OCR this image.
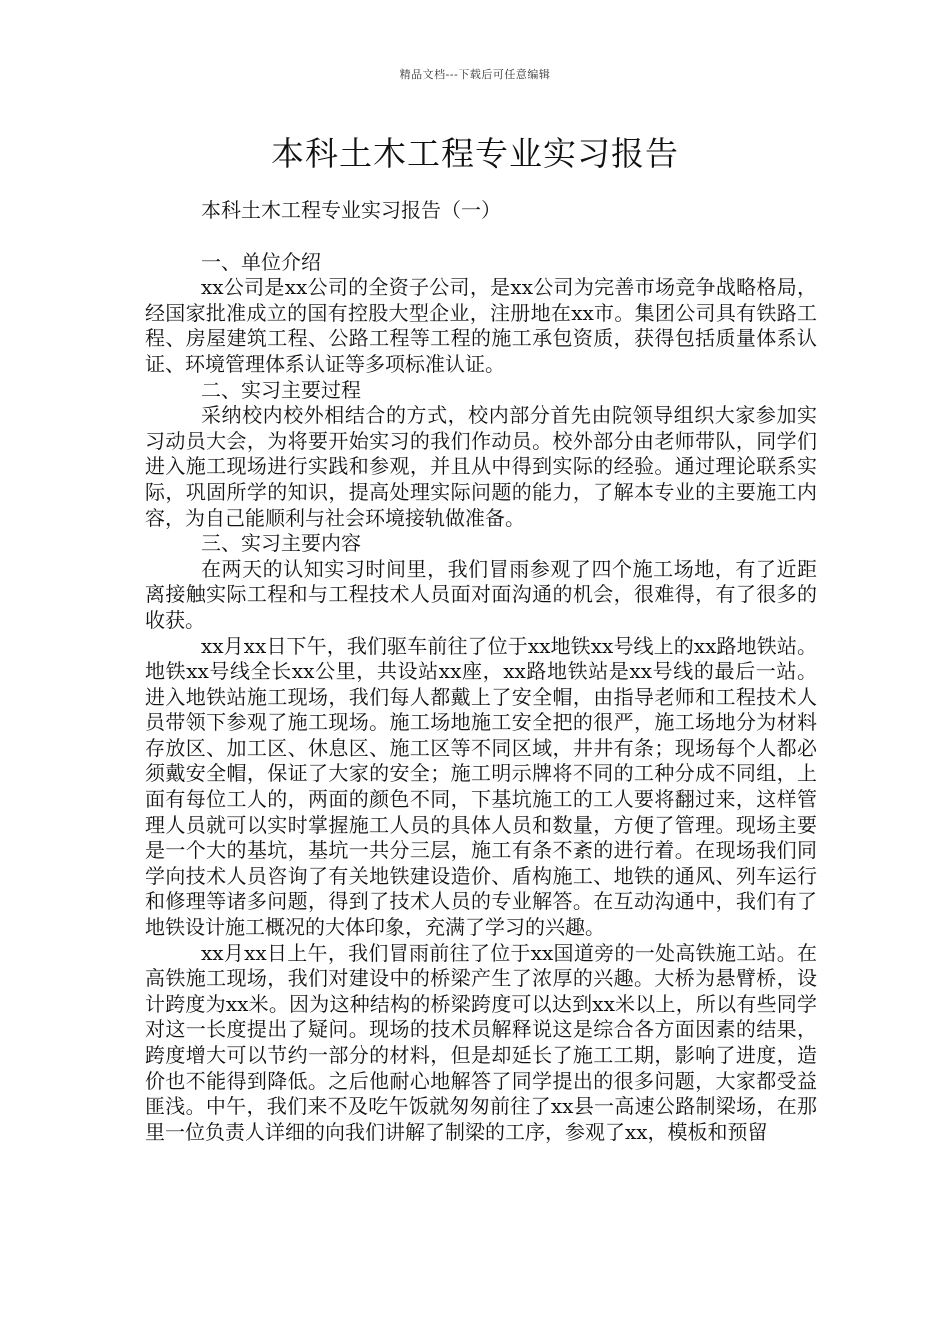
精品文档---下载后可任意编辑
本科土木工程专业实习报告

本科土木工程专业实习报告（一）

一、单位介绍

xx公司是xx公司的全资子公司，是xx公司为完善市场竞争战略格局，经国家批准成立的国有控股大型企业，注册地在xx市。集团公司具有铁路工程、房屋建筑工程、公路工程等工程的施工承包资质，获得包括质量体系认证、环境管理体系认证等多项标准认证。

二、实习主要过程

采纳校内校外相结合的方式，校内部分首先由院领导组织大家参加实习动员大会，为将要开始实习的我们作动员。校外部分由老师带队，同学们进入施工现场进行实践和参观，并且从中得到实际的经验。通过理论联系实际，巩固所学的知识，提高处理实际问题的能力，了解本专业的主要施工内容，为自己能顺利与社会环境接轨做准备。

三、实习主要内容

在两天的认知实习时间里，我们冒雨参观了四个施工场地，有了近距离接触实际工程和与工程技术人员面对面沟通的机会，很难得，有了很多的收获。

xx月xx日下午，我们驱车前往了位于xx地铁xx号线上的xx路地铁站。地铁xx号线全长xx公里，共设站xx座，xx路地铁站是xx号线的最后一站。进入地铁站施工现场，我们每人都戴上了安全帽，由指导老师和工程技术人员带领下参观了施工现场。施工场地施工安全把的很严，施工场地分为材料存放区、加工区、休息区、施工区等不同区域，井井有条；现场每个人都必须戴安全帽，保证了大家的安全；施工明示牌将不同的工种分成不同组，上面有每位工人的，两面的颜色不同，下基坑施工的工人要将翻过来，这样管理人员就可以实时掌握施工人员的具体人员和数量，方便了管理。现场主要是一个大的基坑，基坑一共分三层，施工有条不紊的进行着。在现场我们同学向技术人员咨询了有关地铁建设造价、盾构施工、地铁的通风、列车运行和修理等诸多问题，得到了技术人员的专业解答。在互动沟通中，我们有了地铁设计施工概况的大体印象，充满了学习的兴趣。

xx月xx日上午，我们冒雨前往了位于xx国道旁的一处高铁施工站。在高铁施工现场，我们对建设中的桥梁产生了浓厚的兴趣。大桥为悬臂桥，设计跨度为xx米。因为这种结构的桥梁跨度可以达到xx米以上，所以有些同学对这一长度提出了疑问。现场的技术员解释说这是综合各方面因素的结果，跨度增大可以节约一部分的材料，但是却延长了施工工期，影响了进度，造价也不能得到降低。之后他耐心地解答了同学提出的很多问题，大家都受益匪浅。中午，我们来不及吃午饭就匆匆前往了xx县一高速公路制梁场，在那里一位负责人详细的向我们讲解了制梁的工序，参观了xx，模板和预留
